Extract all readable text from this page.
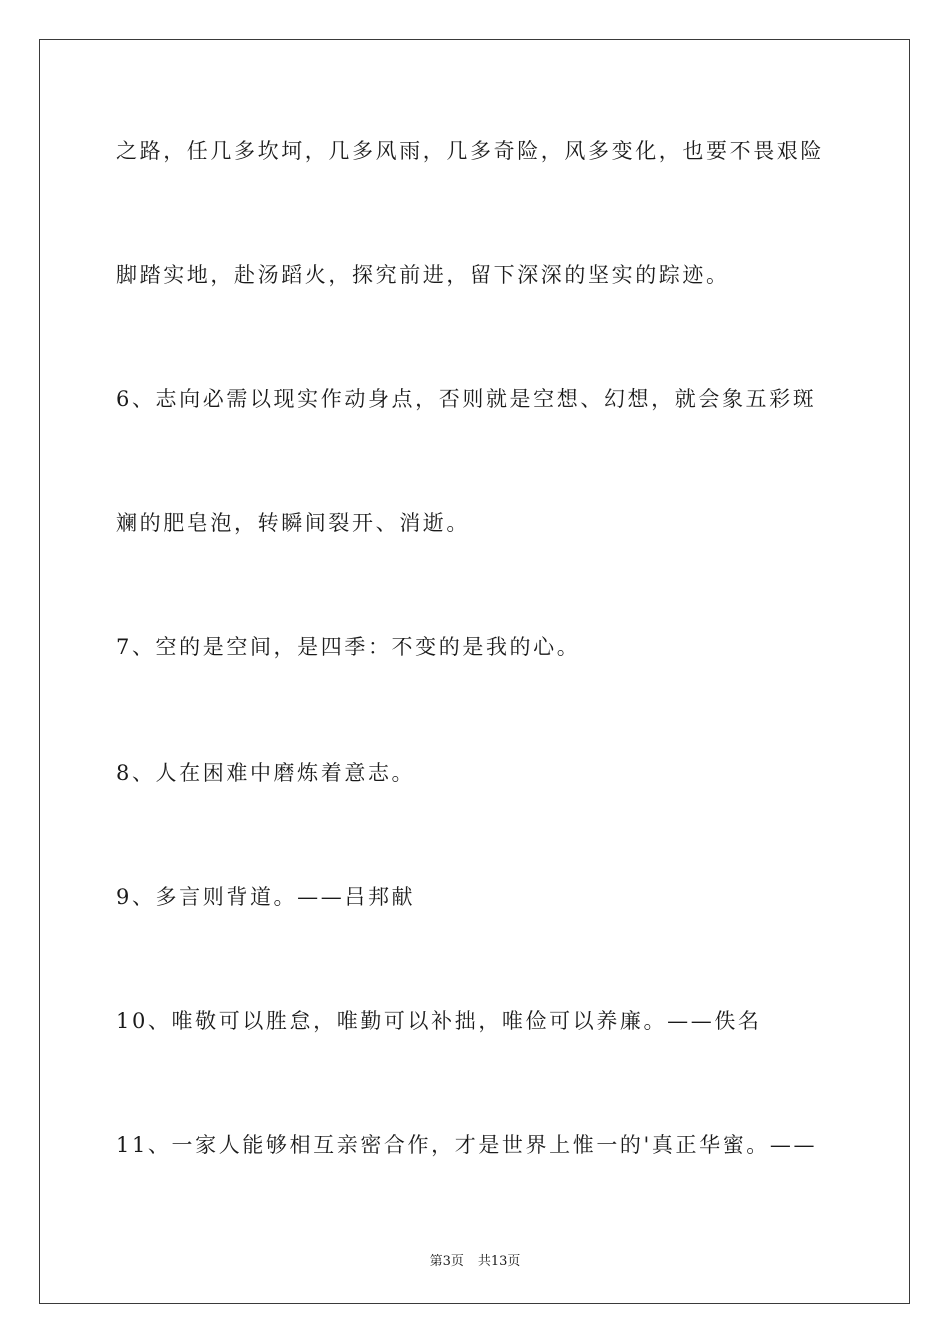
之路，任几多坎坷，几多风雨，几多奇险，风多变化，也要不畏艰险
脚踏实地，赴汤蹈火，探究前进，留下深深的坚实的踪迹。
6、志向必需以现实作动身点，否则就是空想、幻想，就会象五彩斑
斓的肥皂泡，转瞬间裂开、消逝。
7、空的是空间，是四季：不变的是我的心。
8、人在困难中磨炼着意志。
9、多言则背道。——吕邦献
10、唯敬可以胜怠，唯勤可以补拙，唯俭可以养廉。——佚名
11、一家人能够相互亲密合作，才是世界上惟一的'真正华蜜。——
第3页 共13页
